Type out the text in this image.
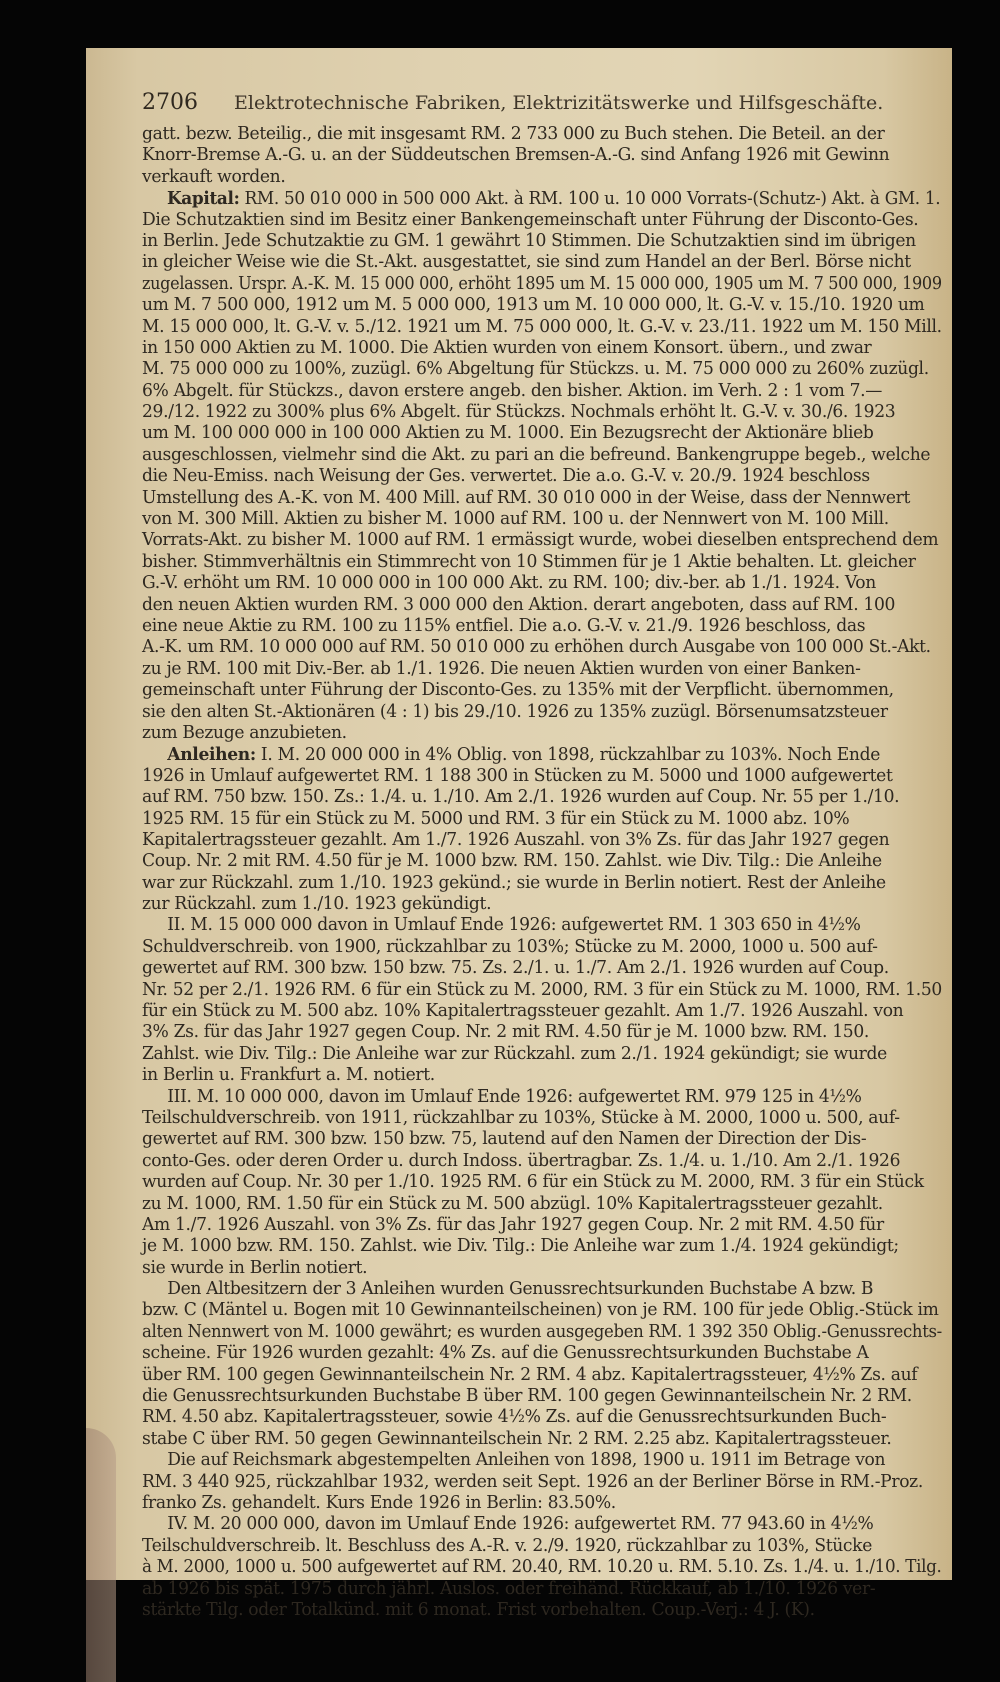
2706 Elektrotechnische Fabriken, Elektrizitätswerke und Hilfsgeschäfte.
gatt. bezw. Beteilig., die mit insgesamt RM. 2 733 000 zu Buch stehen. Die Beteil. an der
Knorr-Bremse A.-G. u. an der Süddeutschen Bremsen-A.-G. sind Anfang 1926 mit Gewinn
verkauft worden.
Kapital: RM. 50 010 000 in 500 000 Akt. à RM. 100 u. 10 000 Vorrats-(Schutz-) Akt. à GM. 1.
Die Schutzaktien sind im Besitz einer Bankengemeinschaft unter Führung der Disconto-Ges.
in Berlin. Jede Schutzaktie zu GM. 1 gewährt 10 Stimmen. Die Schutzaktien sind im übrigen
in gleicher Weise wie die St.-Akt. ausgestattet, sie sind zum Handel an der Berl. Börse nicht
zugelassen. Urspr. A.-K. M. 15 000 000, erhöht 1895 um M. 15 000 000, 1905 um M. 7 500 000, 1909
um M. 7 500 000, 1912 um M. 5 000 000, 1913 um M. 10 000 000, lt. G.-V. v. 15./10. 1920 um
M. 15 000 000, lt. G.-V. v. 5./12. 1921 um M. 75 000 000, lt. G.-V. v. 23./11. 1922 um M. 150 Mill.
in 150 000 Aktien zu M. 1000. Die Aktien wurden von einem Konsort. übern., und zwar
M. 75 000 000 zu 100%, zuzügl. 6% Abgeltung für Stückzs. u. M. 75 000 000 zu 260% zuzügl.
6% Abgelt. für Stückzs., davon erstere angeb. den bisher. Aktion. im Verh. 2 : 1 vom 7.—
29./12. 1922 zu 300% plus 6% Abgelt. für Stückzs. Nochmals erhöht lt. G.-V. v. 30./6. 1923
um M. 100 000 000 in 100 000 Aktien zu M. 1000. Ein Bezugsrecht der Aktionäre blieb
ausgeschlossen, vielmehr sind die Akt. zu pari an die befreund. Bankengruppe begeb., welche
die Neu-Emiss. nach Weisung der Ges. verwertet. Die a.o. G.-V. v. 20./9. 1924 beschloss
Umstellung des A.-K. von M. 400 Mill. auf RM. 30 010 000 in der Weise, dass der Nennwert
von M. 300 Mill. Aktien zu bisher M. 1000 auf RM. 100 u. der Nennwert von M. 100 Mill.
Vorrats-Akt. zu bisher M. 1000 auf RM. 1 ermässigt wurde, wobei dieselben entsprechend dem
bisher. Stimmverhältnis ein Stimmrecht von 10 Stimmen für je 1 Aktie behalten. Lt. gleicher
G.-V. erhöht um RM. 10 000 000 in 100 000 Akt. zu RM. 100; div.-ber. ab 1./1. 1924. Von
den neuen Aktien wurden RM. 3 000 000 den Aktion. derart angeboten, dass auf RM. 100
eine neue Aktie zu RM. 100 zu 115% entfiel. Die a.o. G.-V. v. 21./9. 1926 beschloss, das
A.-K. um RM. 10 000 000 auf RM. 50 010 000 zu erhöhen durch Ausgabe von 100 000 St.-Akt.
zu je RM. 100 mit Div.-Ber. ab 1./1. 1926. Die neuen Aktien wurden von einer Banken-
gemeinschaft unter Führung der Disconto-Ges. zu 135% mit der Verpflicht. übernommen,
sie den alten St.-Aktionären (4 : 1) bis 29./10. 1926 zu 135% zuzügl. Börsenumsatzsteuer
zum Bezuge anzubieten.
Anleihen: I. M. 20 000 000 in 4% Oblig. von 1898, rückzahlbar zu 103%. Noch Ende
1926 in Umlauf aufgewertet RM. 1 188 300 in Stücken zu M. 5000 und 1000 aufgewertet
auf RM. 750 bzw. 150. Zs.: 1./4. u. 1./10. Am 2./1. 1926 wurden auf Coup. Nr. 55 per 1./10.
1925 RM. 15 für ein Stück zu M. 5000 und RM. 3 für ein Stück zu M. 1000 abz. 10%
Kapitalertragssteuer gezahlt. Am 1./7. 1926 Auszahl. von 3% Zs. für das Jahr 1927 gegen
Coup. Nr. 2 mit RM. 4.50 für je M. 1000 bzw. RM. 150. Zahlst. wie Div. Tilg.: Die Anleihe
war zur Rückzahl. zum 1./10. 1923 gekünd.; sie wurde in Berlin notiert. Rest der Anleihe
zur Rückzahl. zum 1./10. 1923 gekündigt.
II. M. 15 000 000 davon in Umlauf Ende 1926: aufgewertet RM. 1 303 650 in 4½%
Schuldverschreib. von 1900, rückzahlbar zu 103%; Stücke zu M. 2000, 1000 u. 500 auf-
gewertet auf RM. 300 bzw. 150 bzw. 75. Zs. 2./1. u. 1./7. Am 2./1. 1926 wurden auf Coup.
Nr. 52 per 2./1. 1926 RM. 6 für ein Stück zu M. 2000, RM. 3 für ein Stück zu M. 1000, RM. 1.50
für ein Stück zu M. 500 abz. 10% Kapitalertragssteuer gezahlt. Am 1./7. 1926 Auszahl. von
3% Zs. für das Jahr 1927 gegen Coup. Nr. 2 mit RM. 4.50 für je M. 1000 bzw. RM. 150.
Zahlst. wie Div. Tilg.: Die Anleihe war zur Rückzahl. zum 2./1. 1924 gekündigt; sie wurde
in Berlin u. Frankfurt a. M. notiert.
III. M. 10 000 000, davon im Umlauf Ende 1926: aufgewertet RM. 979 125 in 4½%
Teilschuldverschreib. von 1911, rückzahlbar zu 103%, Stücke à M. 2000, 1000 u. 500, auf-
gewertet auf RM. 300 bzw. 150 bzw. 75, lautend auf den Namen der Direction der Dis-
conto-Ges. oder deren Order u. durch Indoss. übertragbar. Zs. 1./4. u. 1./10. Am 2./1. 1926
wurden auf Coup. Nr. 30 per 1./10. 1925 RM. 6 für ein Stück zu M. 2000, RM. 3 für ein Stück
zu M. 1000, RM. 1.50 für ein Stück zu M. 500 abzügl. 10% Kapitalertragssteuer gezahlt.
Am 1./7. 1926 Auszahl. von 3% Zs. für das Jahr 1927 gegen Coup. Nr. 2 mit RM. 4.50 für
je M. 1000 bzw. RM. 150. Zahlst. wie Div. Tilg.: Die Anleihe war zum 1./4. 1924 gekündigt;
sie wurde in Berlin notiert.
Den Altbesitzern der 3 Anleihen wurden Genussrechtsurkunden Buchstabe A bzw. B
bzw. C (Mäntel u. Bogen mit 10 Gewinnanteilscheinen) von je RM. 100 für jede Oblig.-Stück im
alten Nennwert von M. 1000 gewährt; es wurden ausgegeben RM. 1 392 350 Oblig.-Genussrechts-
scheine. Für 1926 wurden gezahlt: 4% Zs. auf die Genussrechtsurkunden Buchstabe A
über RM. 100 gegen Gewinnanteilschein Nr. 2 RM. 4 abz. Kapitalertragssteuer, 4½% Zs. auf
die Genussrechtsurkunden Buchstabe B über RM. 100 gegen Gewinnanteilschein Nr. 2 RM.
RM. 4.50 abz. Kapitalertragssteuer, sowie 4½% Zs. auf die Genussrechtsurkunden Buch-
stabe C über RM. 50 gegen Gewinnanteilschein Nr. 2 RM. 2.25 abz. Kapitalertragssteuer.
Die auf Reichsmark abgestempelten Anleihen von 1898, 1900 u. 1911 im Betrage von
RM. 3 440 925, rückzahlbar 1932, werden seit Sept. 1926 an der Berliner Börse in RM.-Proz.
franko Zs. gehandelt. Kurs Ende 1926 in Berlin: 83.50%.
IV. M. 20 000 000, davon im Umlauf Ende 1926: aufgewertet RM. 77 943.60 in 4½%
Teilschuldverschreib. lt. Beschluss des A.-R. v. 2./9. 1920, rückzahlbar zu 103%, Stücke
à M. 2000, 1000 u. 500 aufgewertet auf RM. 20.40, RM. 10.20 u. RM. 5.10. Zs. 1./4. u. 1./10. Tilg.
ab 1926 bis spät. 1975 durch jährl. Auslos. oder freihänd. Rückkauf, ab 1./10. 1926 ver-
stärkte Tilg. oder Totalkünd. mit 6 monat. Frist vorbehalten. Coup.-Verj.: 4 J. (K).
